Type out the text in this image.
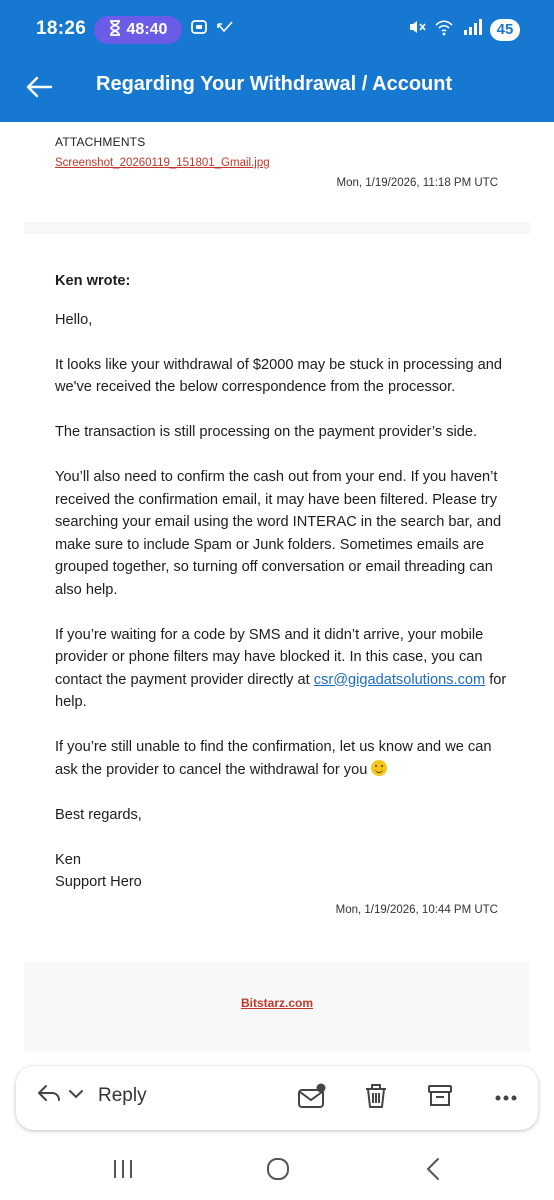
18:26	48:40	45
Regarding Your Withdrawal / Account
ATTACHMENTS
Screenshot_20260119_151801_Gmail.jpg
Mon, 1/19/2026, 11:18 PM UTC
Ken wrote:

Hello,

It looks like your withdrawal of $2000 may be stuck in processing and we've received the below correspondence from the processor.

The transaction is still processing on the payment provider’s side.

You’ll also need to confirm the cash out from your end. If you haven’t received the confirmation email, it may have been filtered. Please try searching your email using the word INTERAC in the search bar, and make sure to include Spam or Junk folders. Sometimes emails are grouped together, so turning off conversation or email threading can also help.

If you’re waiting for a code by SMS and it didn’t arrive, your mobile provider or phone filters may have blocked it. In this case, you can contact the payment provider directly at csr@gigadatsolutions.com for help.

If you’re still unable to find the confirmation, let us know and we can ask the provider to cancel the withdrawal for you

Best regards,

Ken
Support Hero
Mon, 1/19/2026, 10:44 PM UTC
Bitstarz.com
Reply
